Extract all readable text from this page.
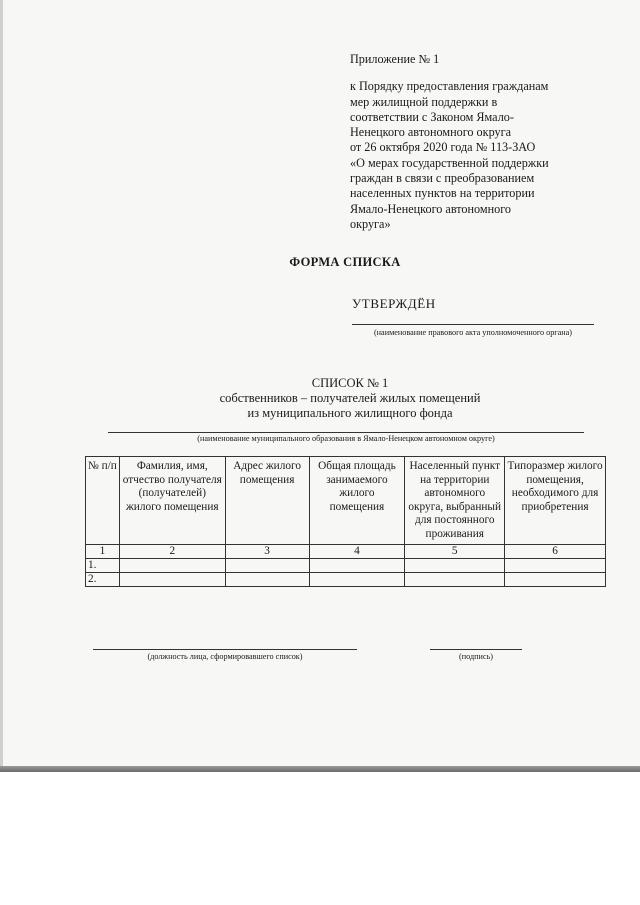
Приложение № 1
к Порядку предоставления гражданам
мер жилищной поддержки в
соответствии с Законом Ямало-
Ненецкого автономного округа
от 26 октября 2020 года № 113-ЗАО
«О мерах государственной поддержки
граждан в связи с преобразованием
населенных пунктов на территории
Ямало-Ненецкого автономного
округа»
ФОРМА СПИСКА
УТВЕРЖДЁН
(наименование правового акта уполномоченного органа)
СПИСОК № 1
собственников – получателей жилых помещений
из муниципального жилищного фонда
(наименование муниципального образования в Ямало-Ненецком автономном округе)
№ п/п	Фамилия, имя, отчество получателя (получателей) жилого помещения	Адрес жилого помещения	Общая площадь занимаемого жилого помещения	Населенный пункт на территории автономного округа, выбранный для постоянного проживания	Типоразмер жилого помещения, необходимого для приобретения
1	2	3	4	5	6
1.					
2.					
(должность лица, сформировавшего список)	(подпись)
